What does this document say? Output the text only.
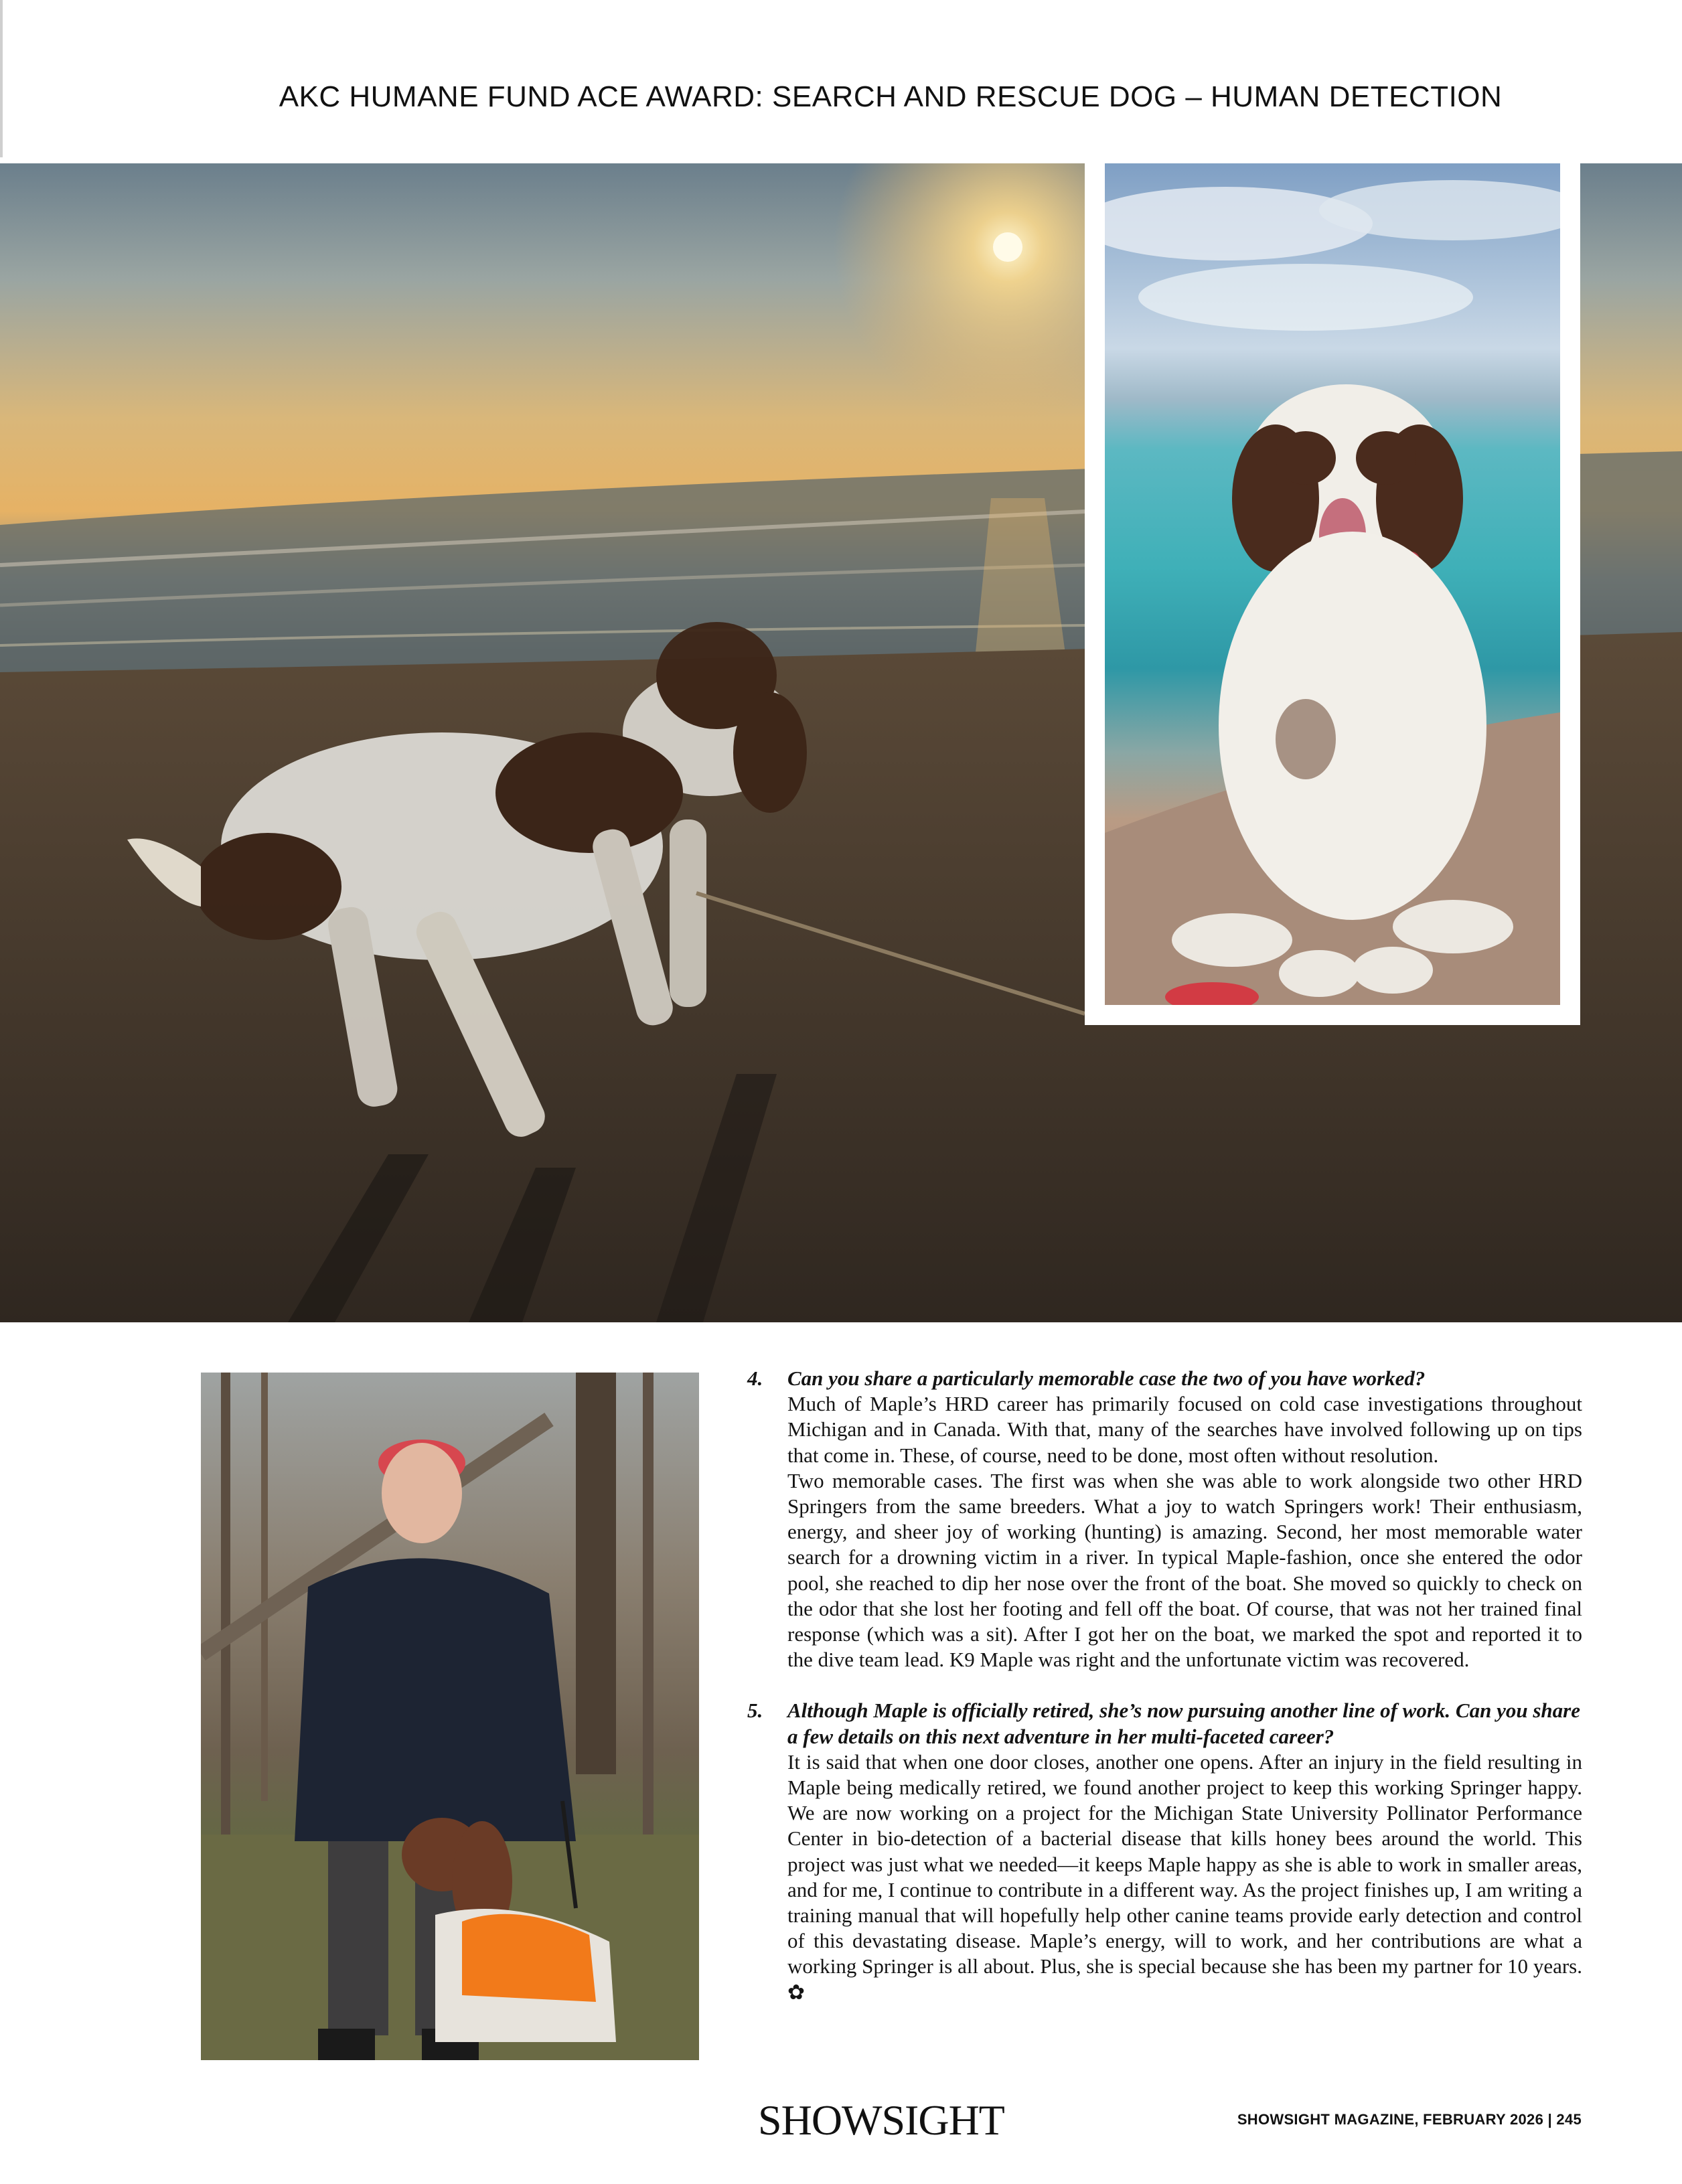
AKC HUMANE FUND ACE AWARD: SEARCH AND RESCUE DOG – HUMAN DETECTION
4. Can you share a particularly memorable case the two of you have worked?

Much of Maple’s HRD career has primarily focused on cold case investigations throughout Michigan and in Canada. With that, many of the searches have involved following up on tips that come in. These, of course, need to be done, most often without resolution.

Two memorable cases. The first was when she was able to work alongside two other HRD Springers from the same breeders. What a joy to watch Springers work! Their enthusiasm, energy, and sheer joy of working (hunting) is amazing. Second, her most memorable water search for a drowning victim in a river. In typical Maple-fashion, once she entered the odor pool, she reached to dip her nose over the front of the boat. She moved so quickly to check on the odor that she lost her footing and fell off the boat. Of course, that was not her trained final response (which was a sit). After I got her on the boat, we marked the spot and reported it to the dive team lead. K9 Maple was right and the unfortunate victim was recovered.

5. Although Maple is officially retired, she’s now pursuing another line of work. Can you share a few details on this next adventure in her multi-faceted career?

It is said that when one door closes, another one opens. After an injury in the field resulting in Maple being medically retired, we found another project to keep this working Springer happy. We are now working on a project for the Michigan State University Pollinator Performance Center in bio-detection of a bacterial disease that kills honey bees around the world. This project was just what we needed—it keeps Maple happy as she is able to work in smaller areas, and for me, I continue to contribute in a different way. As the project finishes up, I am writing a training manual that will hopefully help other canine teams provide early detection and control of this devastating disease. Maple’s energy, will to work, and her contributions are what a working Springer is all about. Plus, she is special because she has been my partner for 10 years. ✿

SHOWSIGHT	SHOWSIGHT MAGAZINE, FEBRUARY 2026 | 245
